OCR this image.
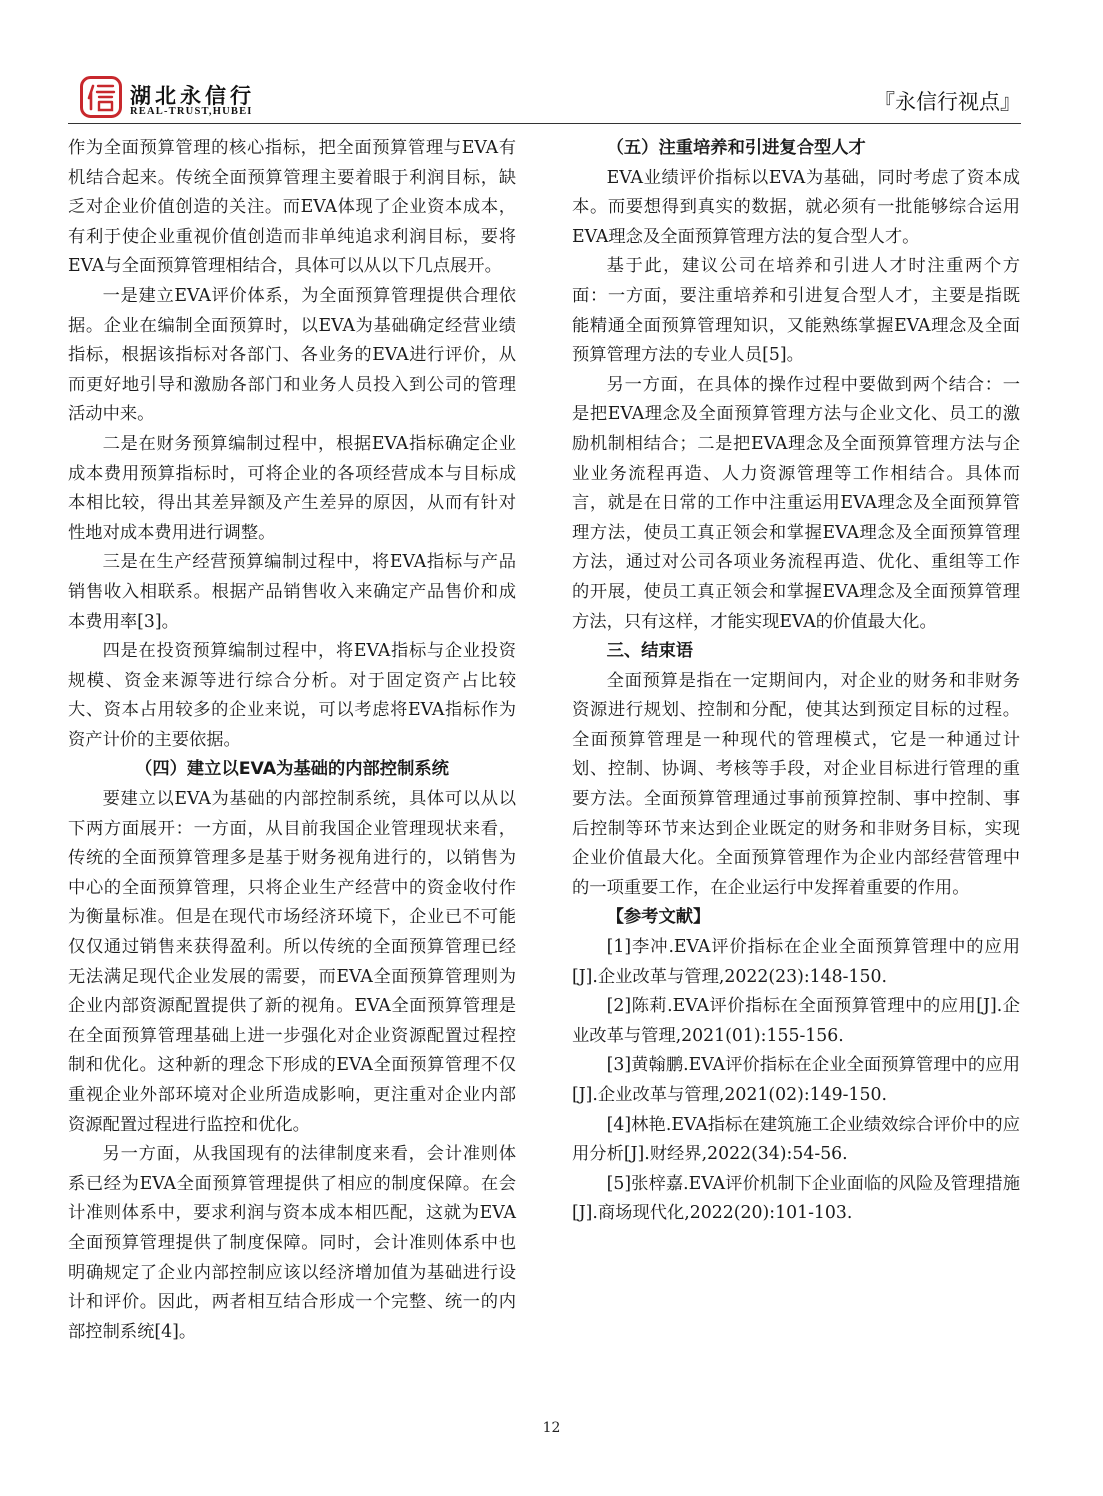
湖北永信行
REAL-TRUST,HUBEI	『永信行视点』

作为全面预算管理的核心指标，把全面预算管理与EVA有机结合起来。传统全面预算管理主要着眼于利润目标，缺乏对企业价值创造的关注。而EVA体现了企业资本成本，有利于使企业重视价值创造而非单纯追求利润目标，要将EVA与全面预算管理相结合，具体可以从以下几点展开。

一是建立EVA评价体系，为全面预算管理提供合理依据。企业在编制全面预算时，以EVA为基础确定经营业绩指标，根据该指标对各部门、各业务的EVA进行评价，从而更好地引导和激励各部门和业务人员投入到公司的管理活动中来。

二是在财务预算编制过程中，根据EVA指标确定企业成本费用预算指标时，可将企业的各项经营成本与目标成本相比较，得出其差异额及产生差异的原因，从而有针对性地对成本费用进行调整。

三是在生产经营预算编制过程中，将EVA指标与产品销售收入相联系。根据产品销售收入来确定产品售价和成本费用率[3]。

四是在投资预算编制过程中，将EVA指标与企业投资规模、资金来源等进行综合分析。对于固定资产占比较大、资本占用较多的企业来说，可以考虑将EVA指标作为资产计价的主要依据。

（四）建立以EVA为基础的内部控制系统

要建立以EVA为基础的内部控制系统，具体可以从以下两方面展开：一方面，从目前我国企业管理现状来看，传统的全面预算管理多是基于财务视角进行的，以销售为中心的全面预算管理，只将企业生产经营中的资金收付作为衡量标准。但是在现代市场经济环境下，企业已不可能仅仅通过销售来获得盈利。所以传统的全面预算管理已经无法满足现代企业发展的需要，而EVA全面预算管理则为企业内部资源配置提供了新的视角。EVA全面预算管理是在全面预算管理基础上进一步强化对企业资源配置过程控制和优化。这种新的理念下形成的EVA全面预算管理不仅重视企业外部环境对企业所造成影响，更注重对企业内部资源配置过程进行监控和优化。

另一方面，从我国现有的法律制度来看，会计准则体系已经为EVA全面预算管理提供了相应的制度保障。在会计准则体系中，要求利润与资本成本相匹配，这就为EVA全面预算管理提供了制度保障。同时，会计准则体系中也明确规定了企业内部控制应该以经济增加值为基础进行设计和评价。因此，两者相互结合形成一个完整、统一的内部控制系统[4]。

（五）注重培养和引进复合型人才

EVA业绩评价指标以EVA为基础，同时考虑了资本成本。而要想得到真实的数据，就必须有一批能够综合运用EVA理念及全面预算管理方法的复合型人才。

基于此，建议公司在培养和引进人才时注重两个方面：一方面，要注重培养和引进复合型人才，主要是指既能精通全面预算管理知识，又能熟练掌握EVA理念及全面预算管理方法的专业人员[5]。

另一方面，在具体的操作过程中要做到两个结合：一是把EVA理念及全面预算管理方法与企业文化、员工的激励机制相结合；二是把EVA理念及全面预算管理方法与企业业务流程再造、人力资源管理等工作相结合。具体而言，就是在日常的工作中注重运用EVA理念及全面预算管理方法，使员工真正领会和掌握EVA理念及全面预算管理方法，通过对公司各项业务流程再造、优化、重组等工作的开展，使员工真正领会和掌握EVA理念及全面预算管理方法，只有这样，才能实现EVA的价值最大化。

三、结束语

全面预算是指在一定期间内，对企业的财务和非财务资源进行规划、控制和分配，使其达到预定目标的过程。全面预算管理是一种现代的管理模式，它是一种通过计划、控制、协调、考核等手段，对企业目标进行管理的重要方法。全面预算管理通过事前预算控制、事中控制、事后控制等环节来达到企业既定的财务和非财务目标，实现企业价值最大化。全面预算管理作为企业内部经营管理中的一项重要工作，在企业运行中发挥着重要的作用。

【参考文献】

[1]李冲.EVA评价指标在企业全面预算管理中的应用[J].企业改革与管理,2022(23):148-150.

[2]陈莉.EVA评价指标在全面预算管理中的应用[J].企业改革与管理,2021(01):155-156.

[3]黄翰鹏.EVA评价指标在企业全面预算管理中的应用[J].企业改革与管理,2021(02):149-150.

[4]林艳.EVA指标在建筑施工企业绩效综合评价中的应用分析[J].财经界,2022(34):54-56.

[5]张梓嘉.EVA评价机制下企业面临的风险及管理措施[J].商场现代化,2022(20):101-103.

12
